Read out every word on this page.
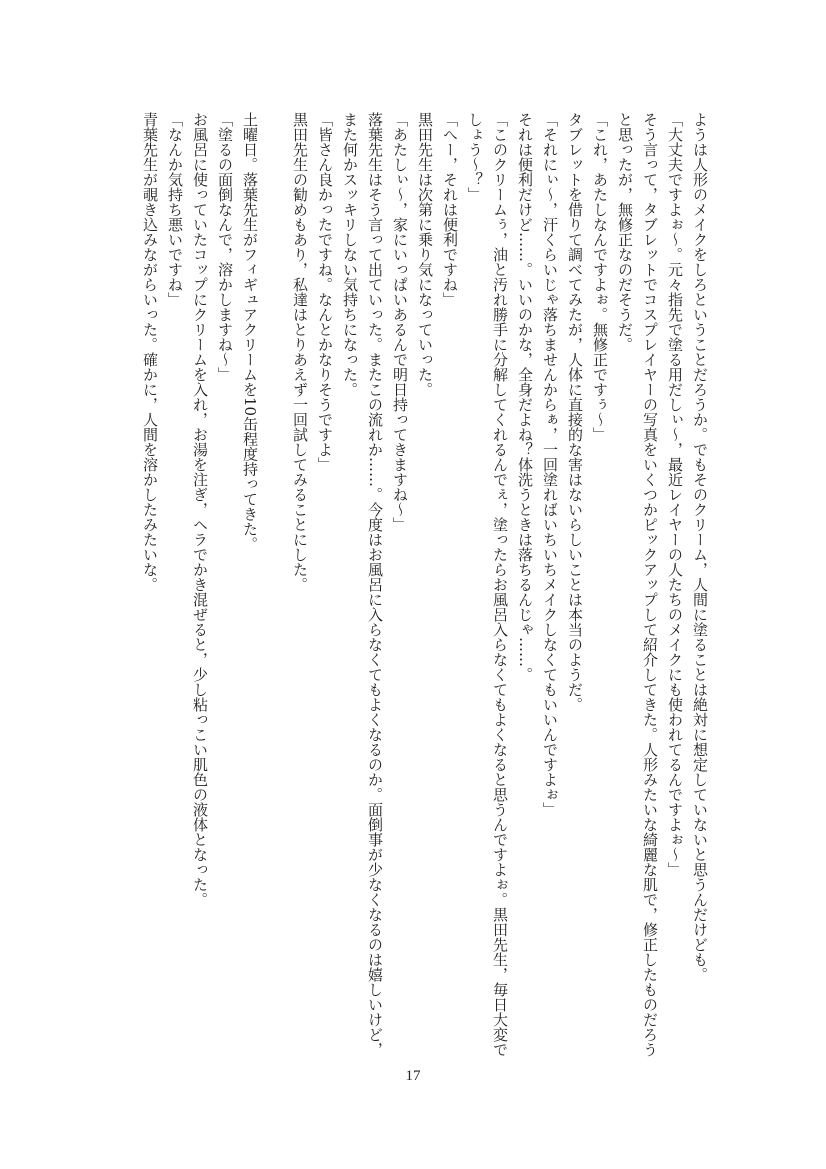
ようは人形のメイクをしろということだろうか。でもそのクリーム，人間に塗ることは絶対に想定していないと思うんだけども。
「大丈夫ですよぉ～。元々指先で塗る用だしぃ～，最近レイヤーの人たちのメイクにも使われてるんですよぉ～」
そう言って，タブレットでコスプレイヤーの写真をいくつかピックアップして紹介してきた。人形みたいな綺麗な肌で，修正したものだろう
と思ったが，無修正なのだそうだ。
「これ，あたしなんですよぉ。無修正ですぅ～」
タブレットを借りて調べてみたが，人体に直接的な害はないらしいことは本当のようだ。
「それにぃ～，汗くらいじゃ落ちませんからぁ，一回塗ればいちいちメイクしなくてもいいんですよぉ」
それは便利だけど……。いいのかな，全身だよね？体洗うときは落ちるんじゃ……。
「このクリームぅ，油と汚れ勝手に分解してくれるんでぇ，塗ったらお風呂入らなくてもよくなると思うんですよぉ。黒田先生，毎日大変で
しょう～？」
「へー，それは便利ですね」
黒田先生は次第に乗り気になっていった。
「あたしぃ～，家にいっぱいあるんで明日持ってきますね～」
落葉先生はそう言って出ていった。またこの流れか……。今度はお風呂に入らなくてもよくなるのか。面倒事が少なくなるのは嬉しいけど，
また何かスッキリしない気持ちになった。
「皆さん良かったですね。なんとかなりそうですよ」
黒田先生の勧めもあり，私達はとりあえず一回試してみることにした。

土曜日。落葉先生がフィギュアクリームを10缶程度持ってきた。
「塗るの面倒なんで，溶かしますね～」
お風呂に使っていたコップにクリームを入れ，お湯を注ぎ，ヘラでかき混ぜると，少し粘っこい肌色の液体となった。
「なんか気持ち悪いですね」
青葉先生が覗き込みながらいった。確かに，人間を溶かしたみたいな。
17
